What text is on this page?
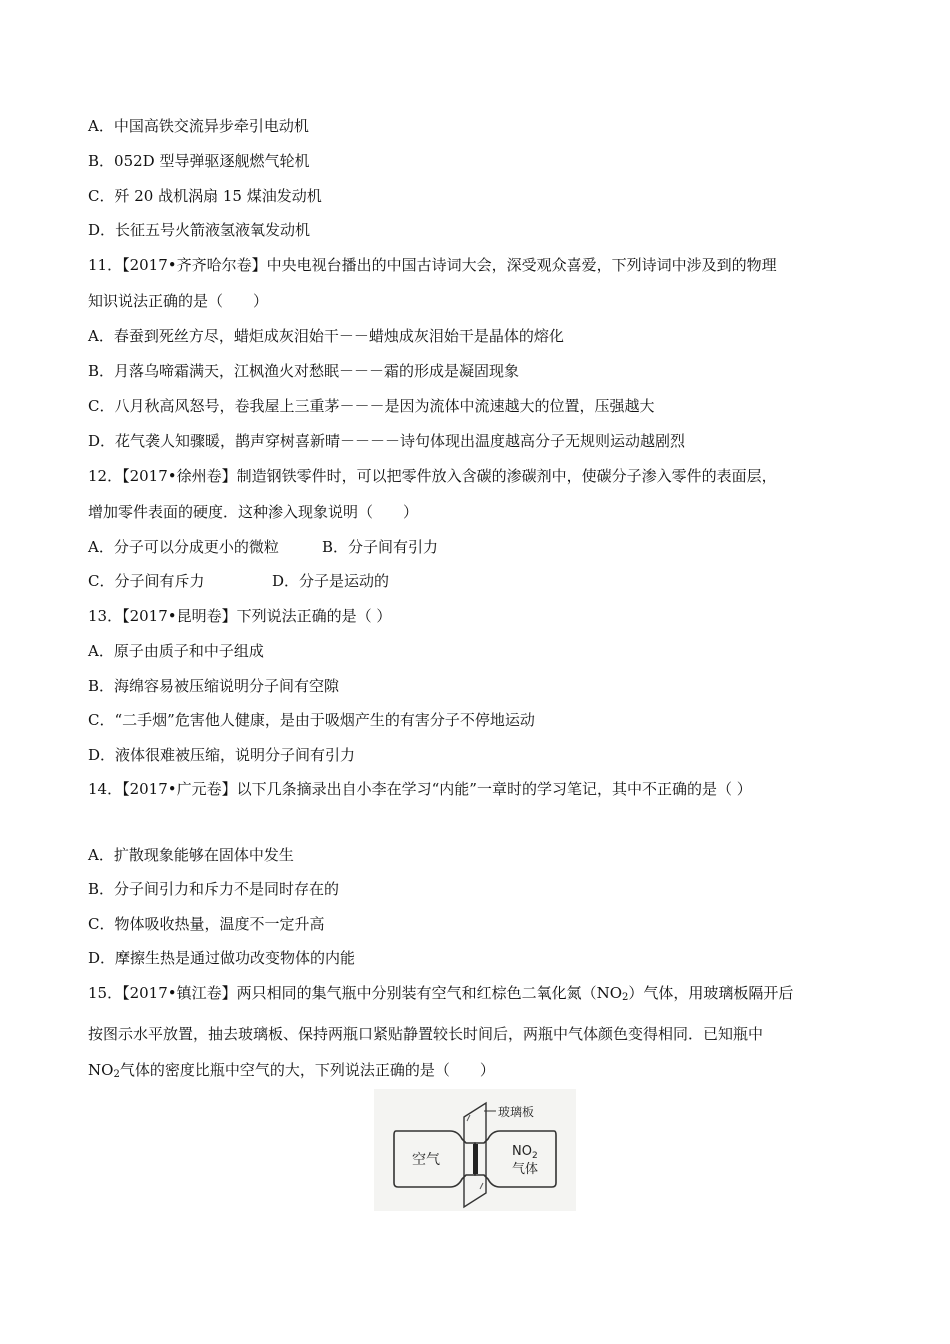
A．中国高铁交流异步牵引电动机
B．052D 型导弹驱逐舰燃气轮机
C．歼 20 战机涡扇 15 煤油发动机
D．长征五号火箭液氢液氧发动机
11．【2017•齐齐哈尔卷】中央电视台播出的中国古诗词大会，深受观众喜爱，下列诗词中涉及到的物理
知识说法正确的是（　　）
A．春蚕到死丝方尽，蜡炬成灰泪始干－－蜡烛成灰泪始干是晶体的熔化
B．月落乌啼霜满天，江枫渔火对愁眠－－－霜的形成是凝固现象
C．八月秋高风怒号，卷我屋上三重茅－－－是因为流体中流速越大的位置，压强越大
D．花气袭人知骤暖，鹊声穿树喜新晴－－－－诗句体现出温度越高分子无规则运动越剧烈
12．【2017•徐州卷】制造钢铁零件时，可以把零件放入含碳的渗碳剂中，使碳分子渗入零件的表面层，
增加零件表面的硬度．这种渗入现象说明（　　）
A．分子可以分成更小的微粒	B．分子间有引力
C．分子间有斥力	D．分子是运动的
13．【2017•昆明卷】下列说法正确的是（ ）
A．原子由质子和中子组成
B．海绵容易被压缩说明分子间有空隙
C．“二手烟”危害他人健康，是由于吸烟产生的有害分子不停地运动
D．液体很难被压缩，说明分子间有引力
14．【2017•广元卷】以下几条摘录出自小李在学习“内能”一章时的学习笔记，其中不正确的是（ ）
A．扩散现象能够在固体中发生
B．分子间引力和斥力不是同时存在的
C．物体吸收热量，温度不一定升高
D．摩擦生热是通过做功改变物体的内能
15．【2017•镇江卷】两只相同的集气瓶中分别装有空气和红棕色二氧化氮$(NO_2)$气体，用玻璃板隔开后
按图示水平放置，抽去玻璃板、保持两瓶口紧贴静置较长时间后，两瓶中气体颜色变得相同．已知瓶中
$NO_2$气体的密度比瓶中空气的大，下列说法正确的是（　　）
玻璃板
空气
$NO_2$
气体
